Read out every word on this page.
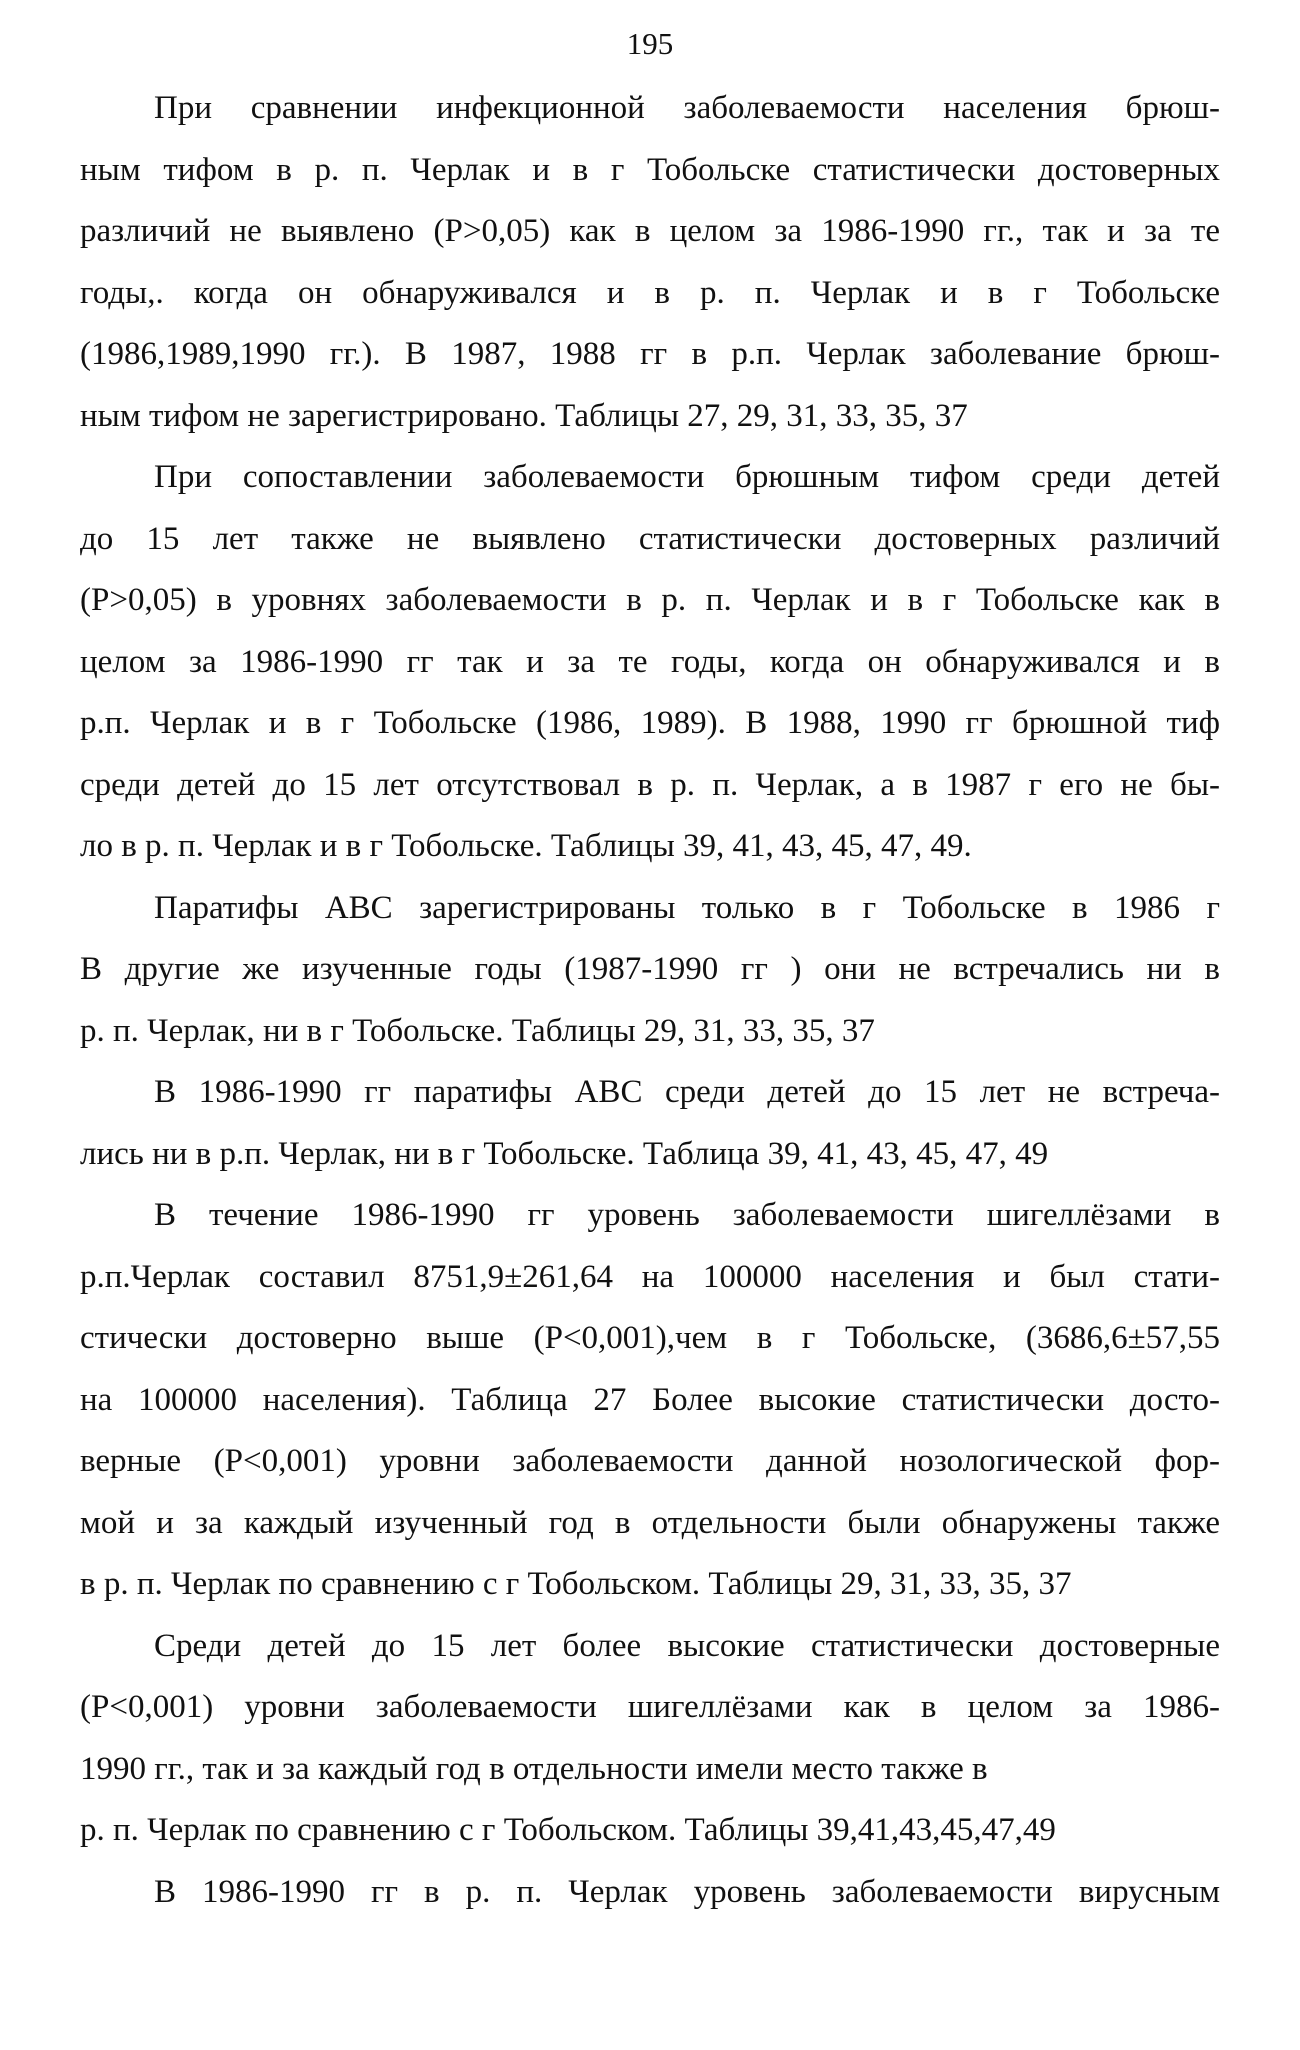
195
При сравнении инфекционной заболеваемости населения брюш-
ным тифом в р. п. Черлак и в г Тобольске статистически достоверных
различий не выявлено (P>0,05) как в целом за 1986-1990 гг., так и за те
годы,. когда он обнаруживался и в р. п. Черлак и в г Тобольске
(1986,1989,1990 гг.). В 1987, 1988 гг в р.п. Черлак заболевание брюш-
ным тифом не зарегистрировано. Таблицы 27, 29, 31, 33, 35, 37
При сопоставлении заболеваемости брюшным тифом среди детей
до 15 лет также не выявлено статистически достоверных различий
(P>0,05) в уровнях заболеваемости в р. п. Черлак и в г Тобольске как в
целом за 1986-1990 гг так и за те годы, когда он обнаруживался и в
р.п. Черлак и в г Тобольске (1986, 1989). В 1988, 1990 гг брюшной тиф
среди детей до 15 лет отсутствовал в р. п. Черлак, а в 1987 г его не бы-
ло в р. п. Черлак и в г Тобольске. Таблицы 39, 41, 43, 45, 47, 49.
Паратифы АВС зарегистрированы только в г Тобольске в 1986 г
В другие же изученные годы (1987-1990 гг ) они не встречались ни в
р. п. Черлак, ни в г Тобольске. Таблицы 29, 31, 33, 35, 37
В 1986-1990 гг паратифы АВС среди детей до 15 лет не встреча-
лись ни в р.п. Черлак, ни в г Тобольске. Таблица 39, 41, 43, 45, 47, 49
В течение 1986-1990 гг уровень заболеваемости шигеллёзами в
р.п.Черлак составил 8751,9±261,64 на 100000 населения и был стати-
стически достоверно выше (P<0,001),чем в г Тобольске, (3686,6±57,55
на 100000 населения). Таблица 27 Более высокие статистически досто-
верные (P<0,001) уровни заболеваемости данной нозологической фор-
мой и за каждый изученный год в отдельности были обнаружены также
в р. п. Черлак по сравнению с г Тобольском. Таблицы 29, 31, 33, 35, 37
Среди детей до 15 лет более высокие статистически достоверные
(P<0,001) уровни заболеваемости шигеллёзами как в целом за 1986-
1990 гг., так и за каждый год в отдельности имели место также в
р. п. Черлак по сравнению с г Тобольском. Таблицы 39,41,43,45,47,49
В 1986-1990 гг в р. п. Черлак уровень заболеваемости вирусным
